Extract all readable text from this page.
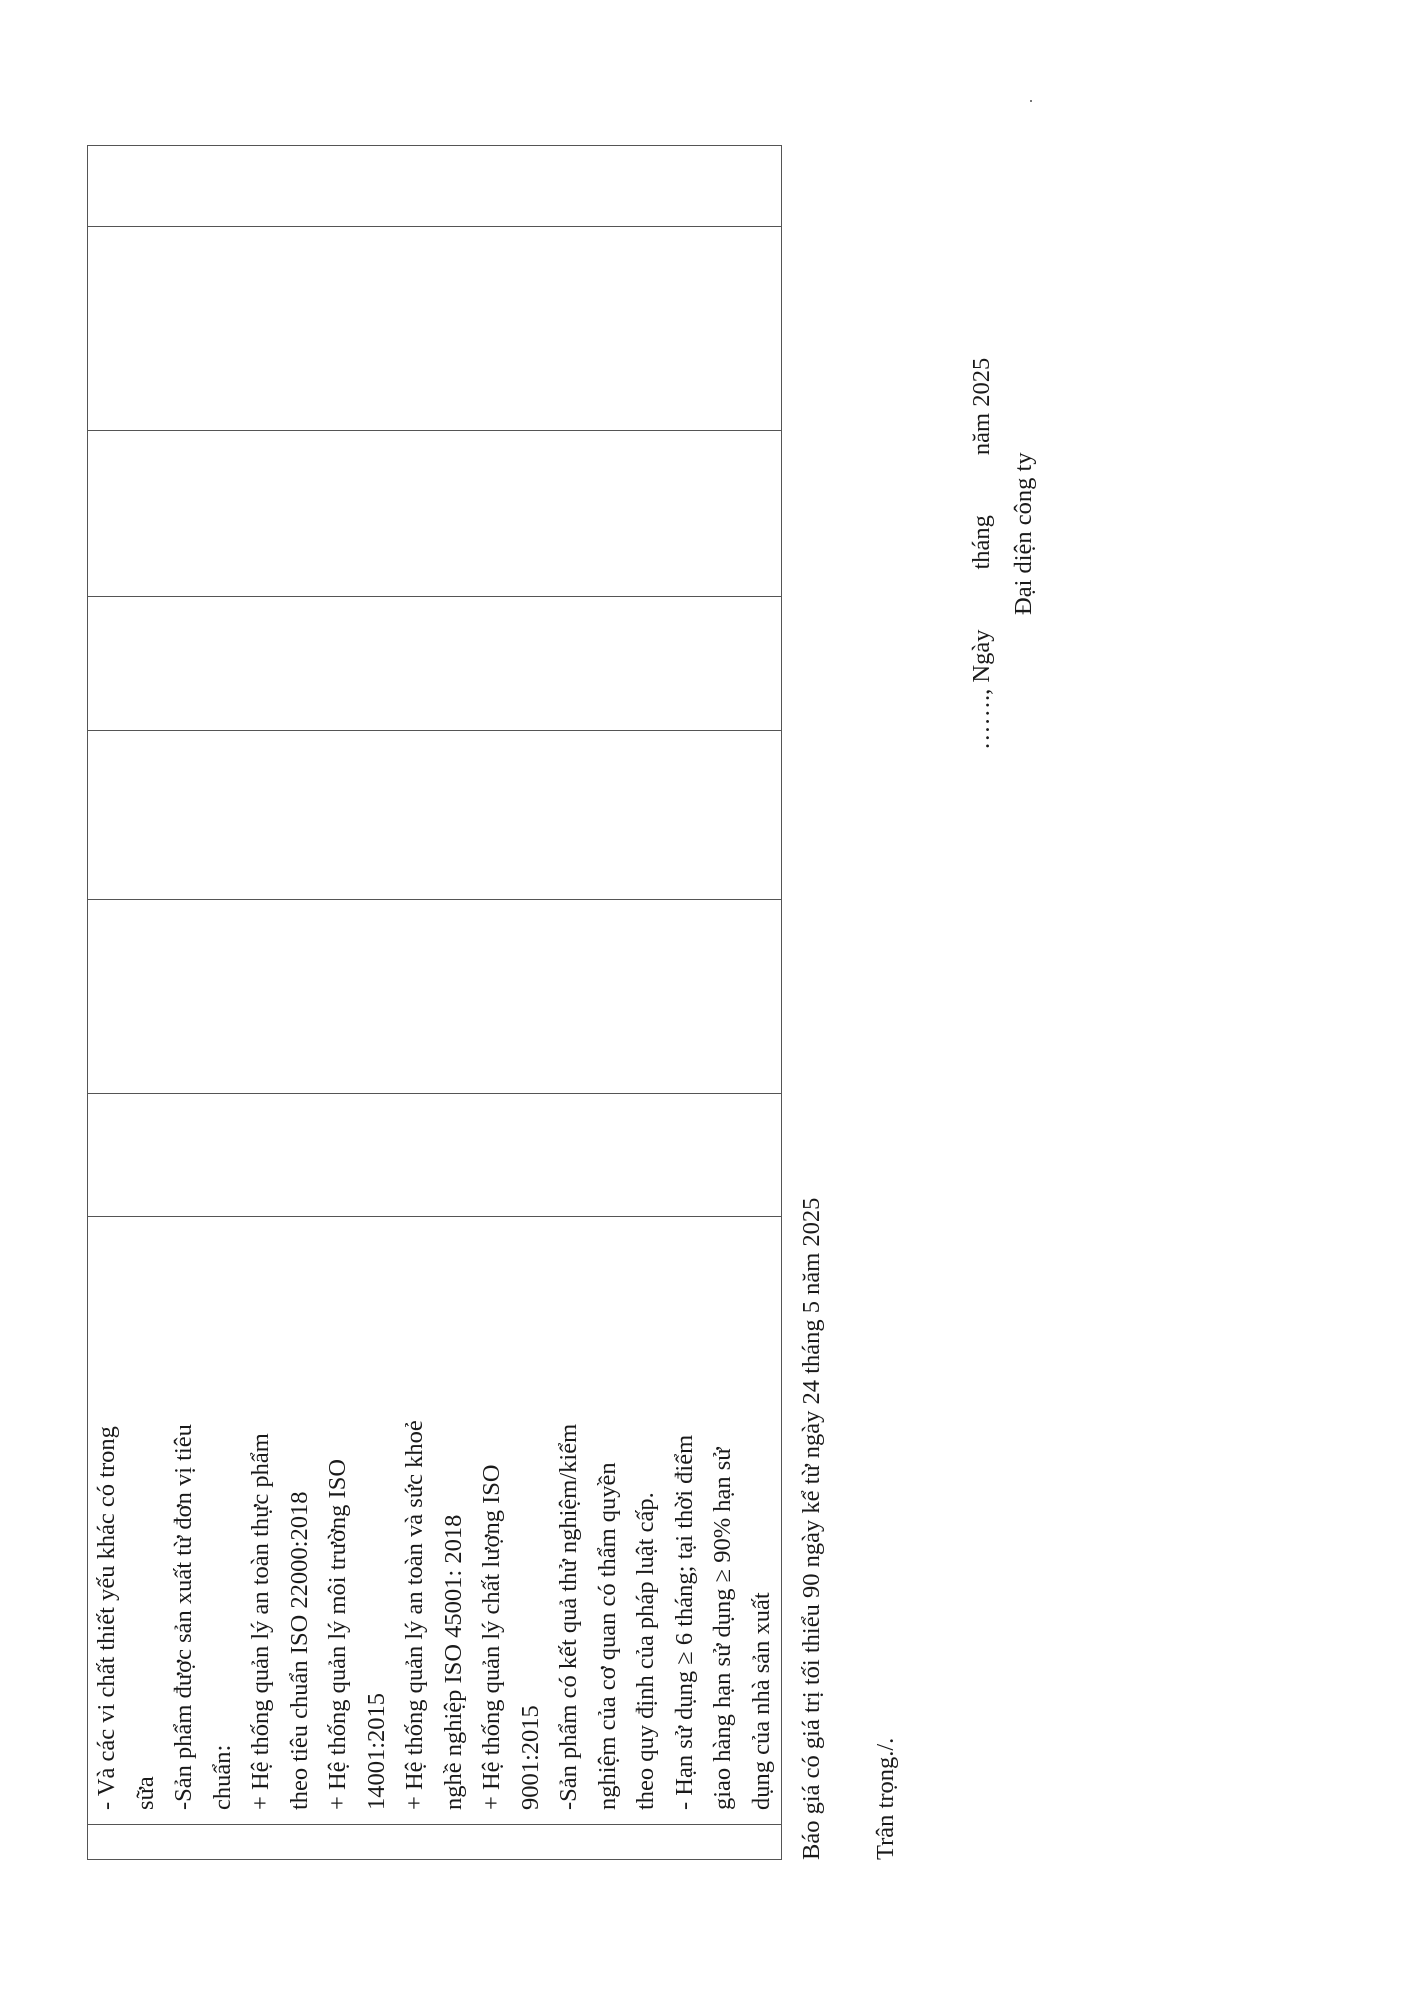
- Và các vi chất thiết yếu khác có trong sữa -Sản phẩm được sản xuất từ đơn vị tiêu chuẩn: + Hệ thống quản lý an toàn thực phẩm theo tiêu chuẩn ISO 22000:2018 + Hệ thống quản lý môi trường ISO 14001:2015 + Hệ thống quản lý an toàn và sức khoẻ nghề nghiệp ISO 45001: 2018 + Hệ thống quản lý chất lượng ISO 9001:2015 -Sản phẩm có kết quả thử nghiệm/kiểm nghiệm của cơ quan có thẩm quyền theo quy định của pháp luật cấp. - Hạn sử dụng ≥ 6 tháng; tại thời điểm giao hàng hạn sử dụng ≥ 90% hạn sử dụng của nhà sản xuất
							Báo giá có giá trị tối thiểu 90 ngày kể từ ngày 24 tháng 5 năm 2025 Trân trọng./.
……., Ngàythángnăm 2025
Đại diện công ty
